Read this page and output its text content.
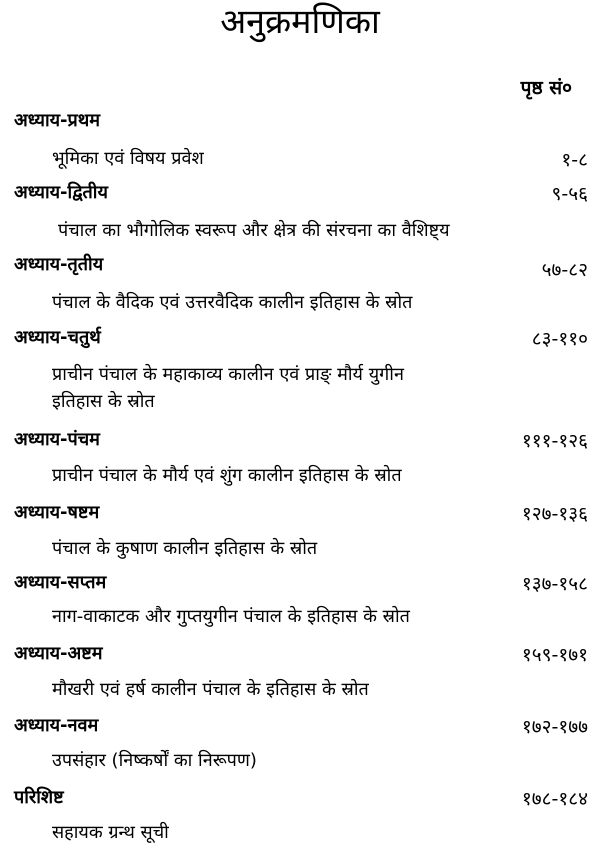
अनुक्रमणिका
पृष्ठ सं०
अध्याय-प्रथम
भूमिका एवं विषय प्रवेश	१-८
अध्याय-द्वितीय	९-५६
पंचाल का भौगोलिक स्वरूप और क्षेत्र की संरचना का वैशिष्ट्य
अध्याय-तृतीय	५७-८२
पंचाल के वैदिक एवं उत्तरवैदिक कालीन इतिहास के स्रोत
अध्याय-चतुर्थ	८३-११०
प्राचीन पंचाल के महाकाव्य कालीन एवं प्राङ् मौर्य युगीन
इतिहास के स्रोत
अध्याय-पंचम	१११-१२६
प्राचीन पंचाल के मौर्य एवं शुंग कालीन इतिहास के स्रोत
अध्याय-षष्टम	१२७-१३६
पंचाल के कुषाण कालीन इतिहास के स्रोत
अध्याय-सप्तम	१३७-१५८
नाग-वाकाटक और गुप्तयुगीन पंचाल के इतिहास के स्रोत
अध्याय-अष्टम	१५९-१७१
मौखरी एवं हर्ष कालीन पंचाल के इतिहास के स्रोत
अध्याय-नवम	१७२-१७७
उपसंहार (निष्कर्षों का निरूपण)
परिशिष्ट	१७८-१८४
सहायक ग्रन्थ सूची
